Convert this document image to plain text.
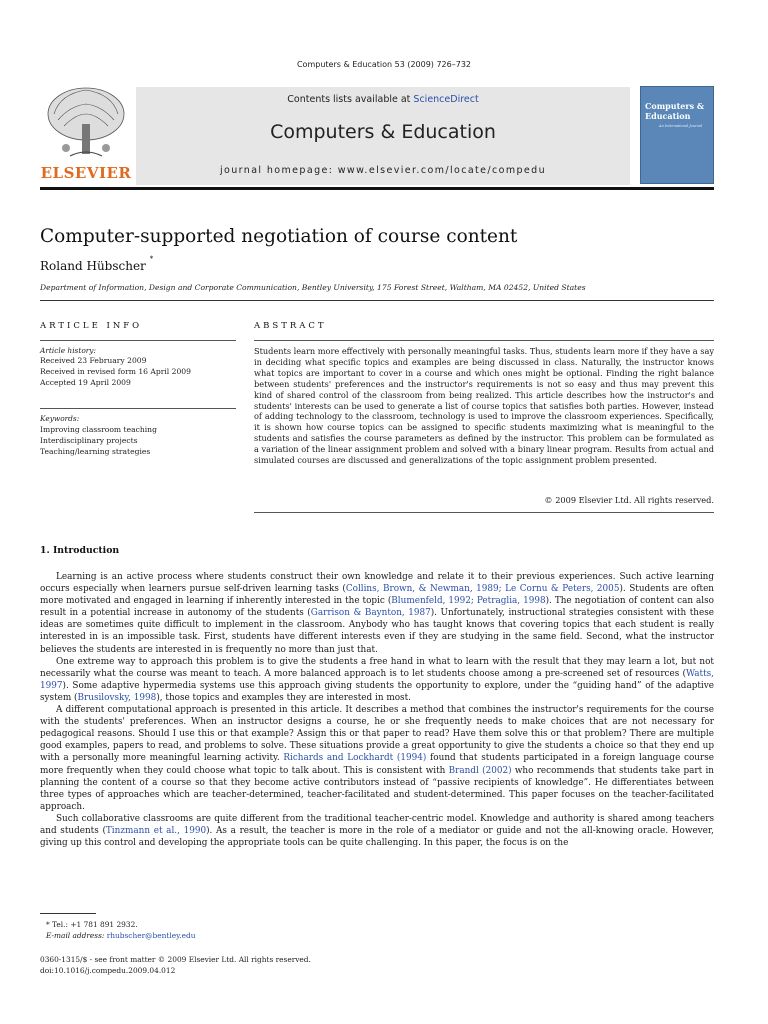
Computers & Education 53 (2009) 726–732
ELSEVIER
Contents lists available at ScienceDirect
Computers & Education
journal homepage: www.elsevier.com/locate/compedu
Computers & Education
An International Journal
Computer-supported negotiation of course content
Roland Hübscher *
Department of Information, Design and Corporate Communication, Bentley University, 175 Forest Street, Waltham, MA 02452, United States
ARTICLE INFO
Article history:
Received 23 February 2009
Received in revised form 16 April 2009
Accepted 19 April 2009
Keywords:
Improving classroom teaching
Interdisciplinary projects
Teaching/learning strategies
ABSTRACT
Students learn more effectively with personally meaningful tasks. Thus, students learn more if they have a say in deciding what specific topics and examples are being discussed in class. Naturally, the instructor knows what topics are important to cover in a course and which ones might be optional. Finding the right balance between students' preferences and the instructor's requirements is not so easy and thus may prevent this kind of shared control of the classroom from being realized. This article describes how the instructor's and students' interests can be used to generate a list of course topics that satisfies both parties. However, instead of adding technology to the classroom, technology is used to improve the classroom experiences. Specifically, it is shown how course topics can be assigned to specific students maximizing what is meaningful to the students and satisfies the course parameters as defined by the instructor. This problem can be formulated as a variation of the linear assignment problem and solved with a binary linear program. Results from actual and simulated courses are discussed and generalizations of the topic assignment problem presented.
© 2009 Elsevier Ltd. All rights reserved.
1. Introduction

Learning is an active process where students construct their own knowledge and relate it to their previous experiences. Such active learning occurs especially when learners pursue self-driven learning tasks (Collins, Brown, & Newman, 1989; Le Cornu & Peters, 2005). Students are often more motivated and engaged in learning if inherently interested in the topic (Blumenfeld, 1992; Petraglia, 1998). The negotiation of content can also result in a potential increase in autonomy of the students (Garrison & Baynton, 1987). Unfortunately, instructional strategies consistent with these ideas are sometimes quite difficult to implement in the classroom. Anybody who has taught knows that covering topics that each student is really interested in is an impossible task. First, students have different interests even if they are studying in the same field. Second, what the instructor believes the students are interested in is frequently no more than just that.

One extreme way to approach this problem is to give the students a free hand in what to learn with the result that they may learn a lot, but not necessarily what the course was meant to teach. A more balanced approach is to let students choose among a pre-screened set of resources (Watts, 1997). Some adaptive hypermedia systems use this approach giving students the opportunity to explore, under the “guiding hand” of the adaptive system (Brusilovsky, 1998), those topics and examples they are interested in most.

A different computational approach is presented in this article. It describes a method that combines the instructor's requirements for the course with the students' preferences. When an instructor designs a course, he or she frequently needs to make choices that are not necessary for pedagogical reasons. Should I use this or that example? Assign this or that paper to read? Have them solve this or that problem? There are multiple good examples, papers to read, and problems to solve. These situations provide a great opportunity to give the students a choice so that they end up with a personally more meaningful learning activity. Richards and Lockhardt (1994) found that students participated in a foreign language course more frequently when they could choose what topic to talk about. This is consistent with Brandl (2002) who recommends that students take part in planning the content of a course so that they become active contributors instead of “passive recipients of knowledge”. He differentiates between three types of approaches which are teacher-determined, teacher-facilitated and student-determined. This paper focuses on the teacher-facilitated approach.

Such collaborative classrooms are quite different from the traditional teacher-centric model. Knowledge and authority is shared among teachers and students (Tinzmann et al., 1990). As a result, the teacher is more in the role of a mediator or guide and not the all-knowing oracle. However, giving up this control and developing the appropriate tools can be quite challenging. In this paper, the focus is on the

* Tel.: +1 781 891 2932.
E-mail address: rhubscher@bentley.edu
0360-1315/$ - see front matter © 2009 Elsevier Ltd. All rights reserved.
doi:10.1016/j.compedu.2009.04.012
